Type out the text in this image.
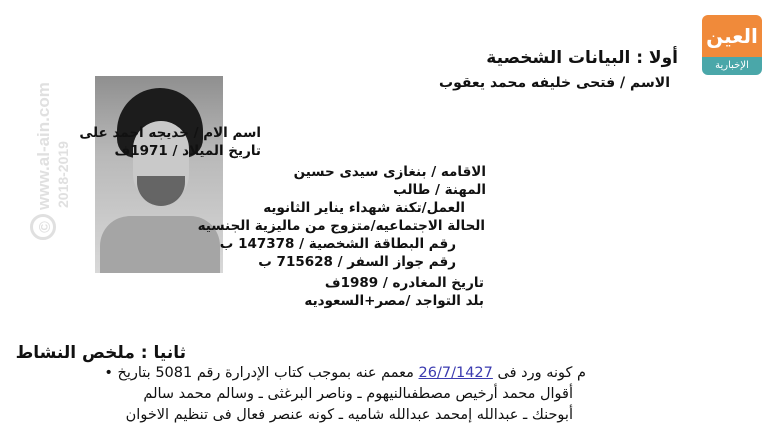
©
www.al-ain.com 2018-2019
العين
الإخبارية
أولا : البيانات الشخصية
الاسم / فتحى خليفه محمد يعقوب
اسم الام / خديجه احمد على
تاريخ الميلاد / 1971ف
الاقامه / بنغازى سيدى حسين
المهنة / طالب
العمل/تكنة شهداء يناير الثانويه
الحالة الاجتماعيه/متزوج من ماليزية الجنسيه
رقم البطاقة الشخصية / 147378 ب
رقم جواز السفر / 715628 ب
تاريخ المغادره / 1989ف
بلد التواجد /مصر+السعوديه
ثانيا : ملخص النشاط
م كونه ورد فى 26/7/1427 معمم عنه بموجب كتاب الإدرارة رقم 5081 بتاريخ •
أقوال محمد أرخيص مصطفىالنيهوم ـ وناصر البرغثى ـ وسالم محمد سالم
أبوحنك ـ عبدالله إمحمد عبدالله شاميه ـ كونه عنصر فعال فى تنظيم الاخوان
